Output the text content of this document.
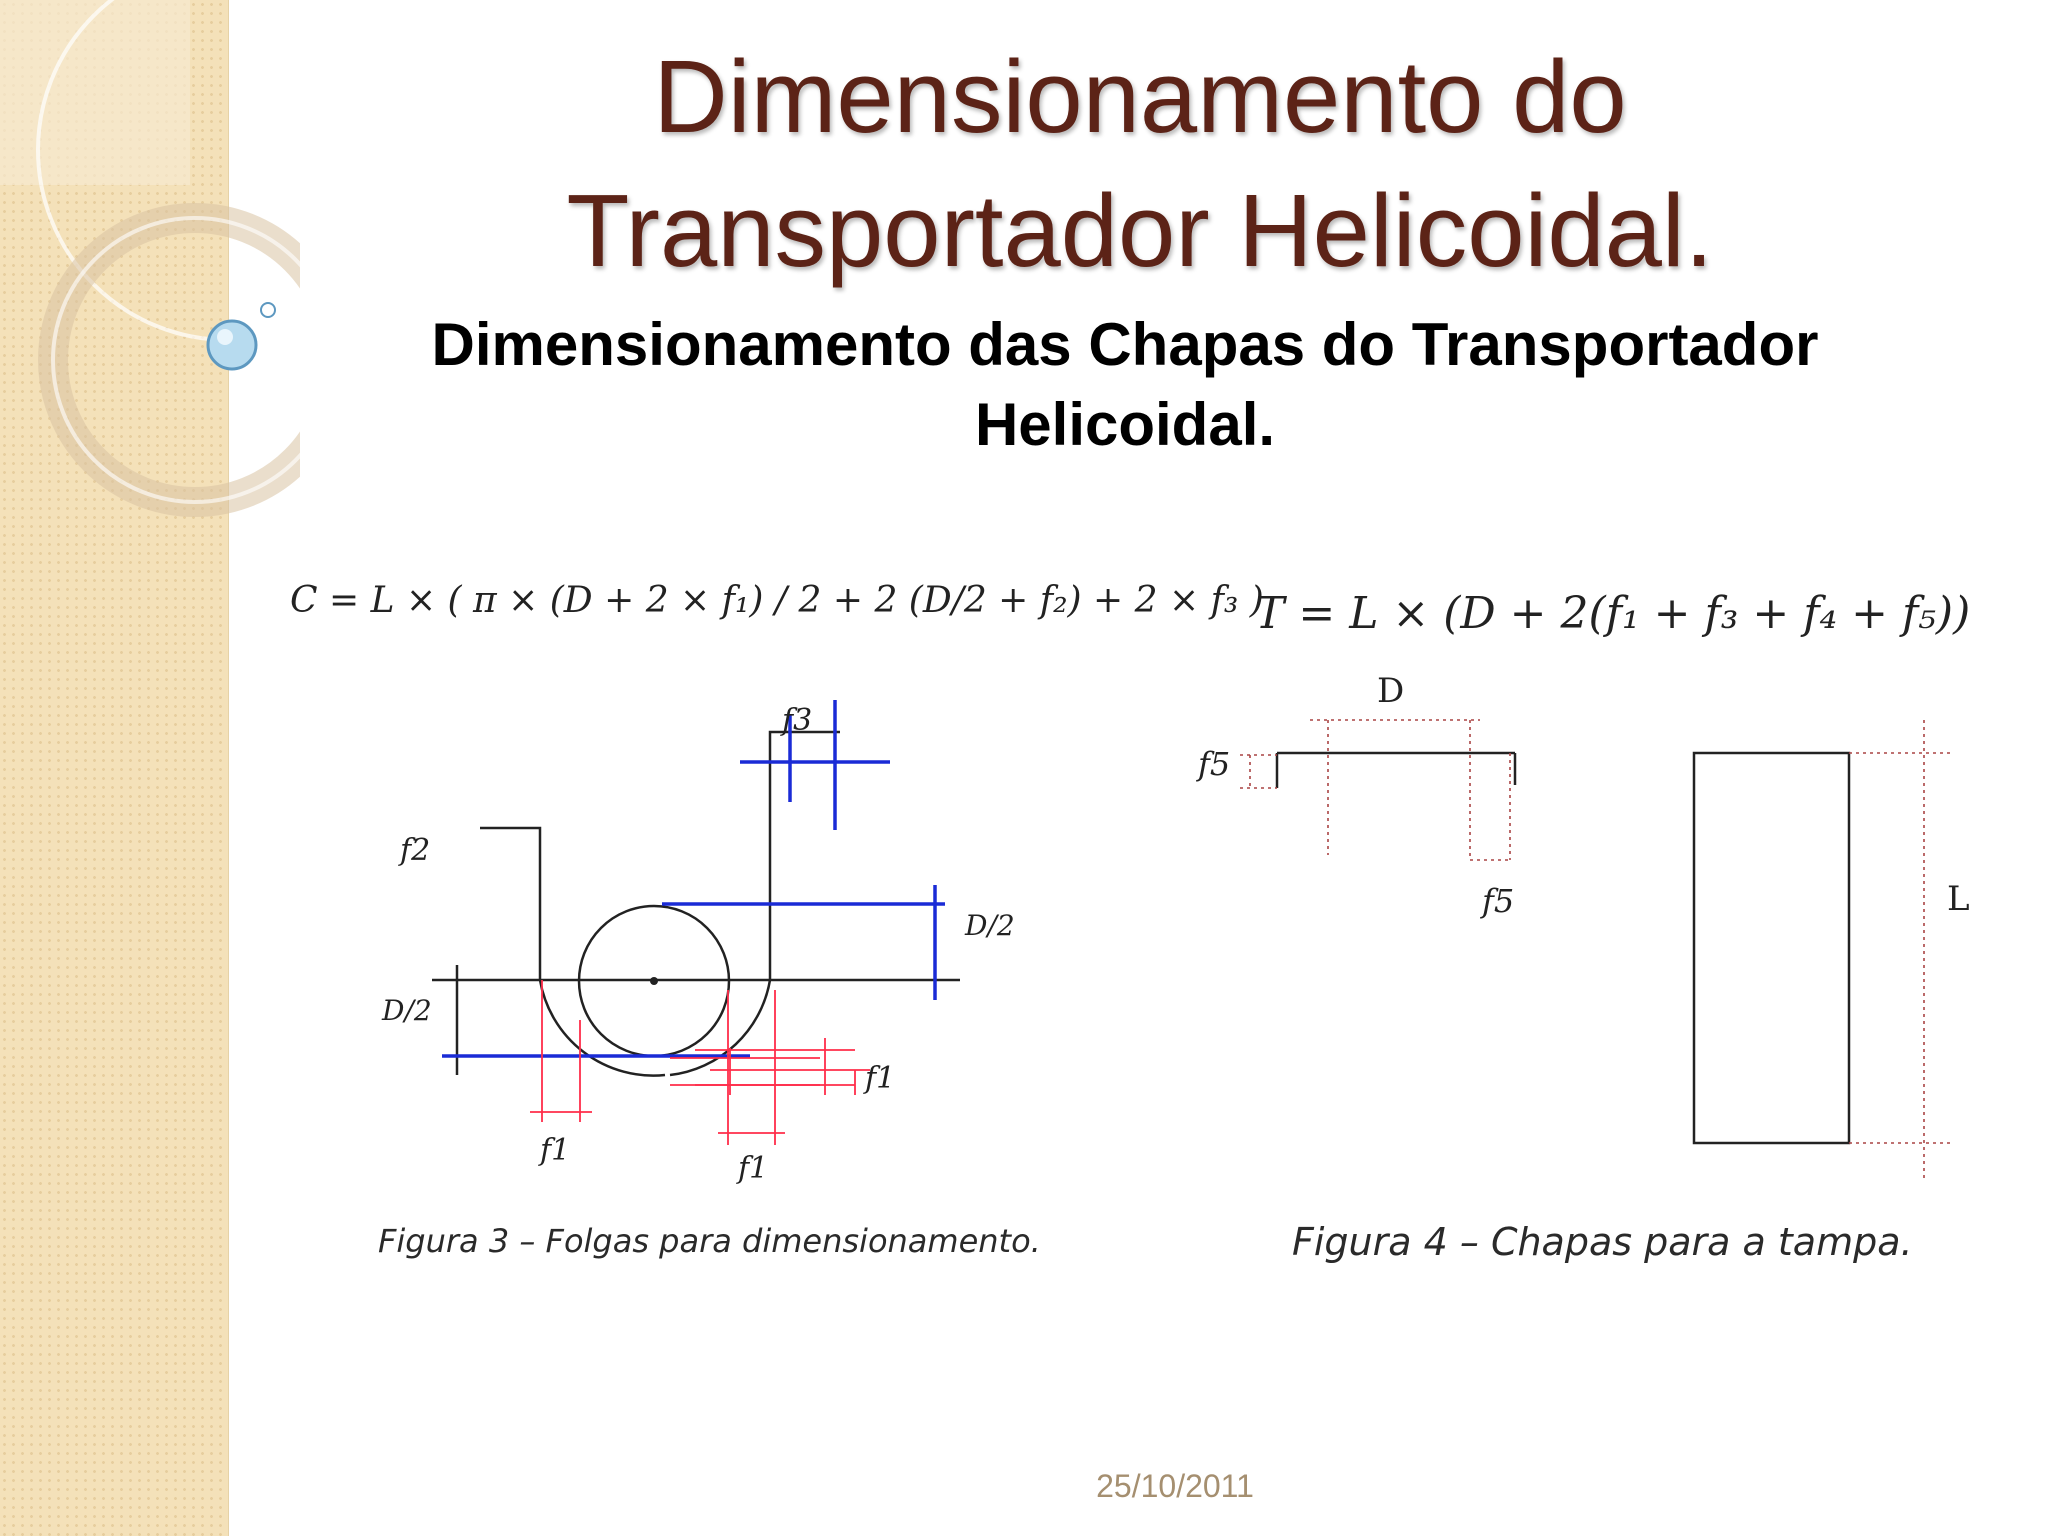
Dimensionamento do
Transportador Helicoidal.
Dimensionamento das Chapas do Transportador
Helicoidal.
C = L × ( π × (D + 2 × f₁) / 2 + 2 (D/2 + f₂) + 2 × f₃ )
T = L × (D + 2(f₁ + f₃ + f₄ + f₅))
f3
f2
D/2
D/2
f1
f1
f1
D
f5
f5	L
Figura 3 – Folgas para dimensionamento.	Figura 4 – Chapas para a tampa.
25/10/2011
